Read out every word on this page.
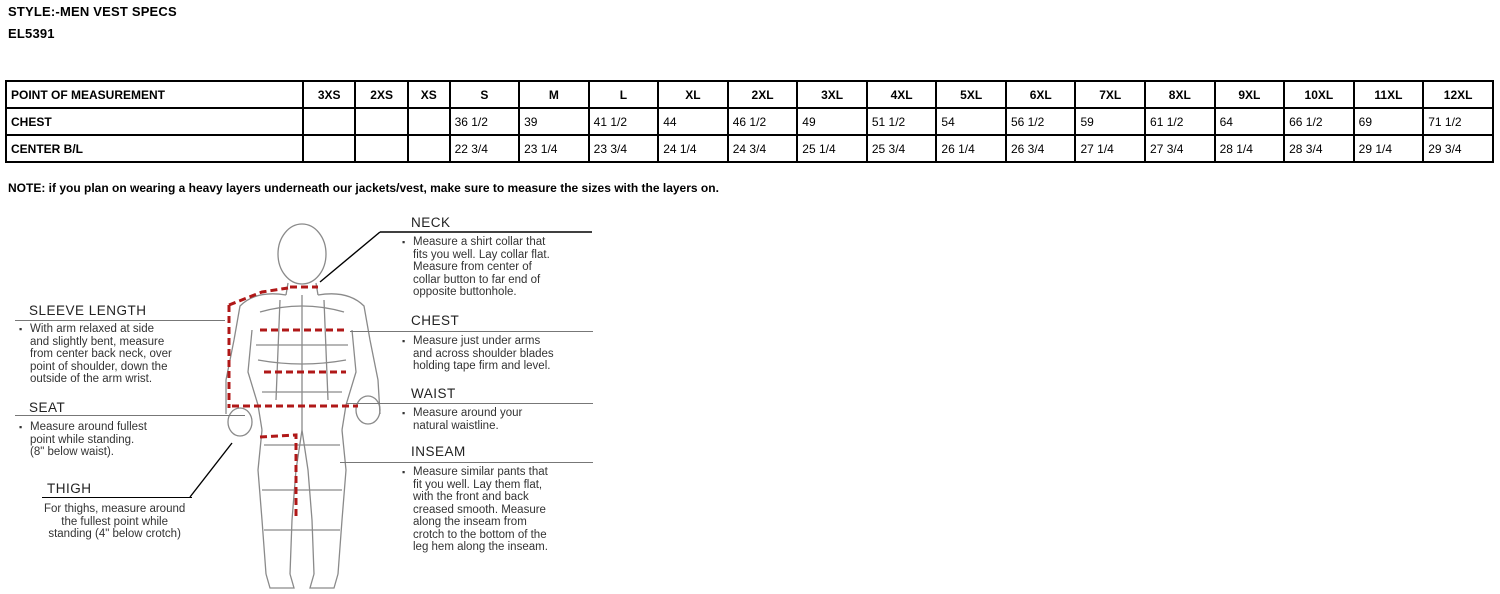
STYLE:-MEN VEST SPECS
EL5391
POINT OF MEASUREMENT	3XS	2XS	XS	S	M	L	XL	2XL	3XL	4XL	5XL	6XL	7XL	8XL	9XL	10XL	11XL	12XL
CHEST				36 1/2	39	41 1/2	44	46 1/2	49	51 1/2	54	56 1/2	59	61 1/2	64	66 1/2	69	71 1/2
CENTER B/L				22 3/4	23 1/4	23 3/4	24 1/4	24 3/4	25 1/4	25 3/4	26 1/4	26 3/4	27 1/4	27 3/4	28 1/4	28 3/4	29 1/4	29 3/4
NOTE: if you plan on wearing a heavy layers underneath our jackets/vest, make sure to measure the sizes with the layers on.
NECK
▪ Measure a shirt collar that
fits you well. Lay collar flat.
Measure from center of
collar button to far end of
opposite buttonhole.
CHEST
▪ Measure just under arms
and across shoulder blades
holding tape firm and level.
WAIST
▪ Measure around your
natural waistline.
INSEAM
▪ Measure similar pants that
fit you well. Lay them flat,
with the front and back
creased smooth. Measure
along the inseam from
crotch to the bottom of the
leg hem along the inseam.
SLEEVE LENGTH
▪ With arm relaxed at side
and slightly bent, measure
from center back neck, over
point of shoulder, down the
outside of the arm wrist.
SEAT
▪ Measure around fullest
point while standing.
(8" below waist).
THIGH
For thighs, measure around
the fullest point while
standing (4" below crotch)
